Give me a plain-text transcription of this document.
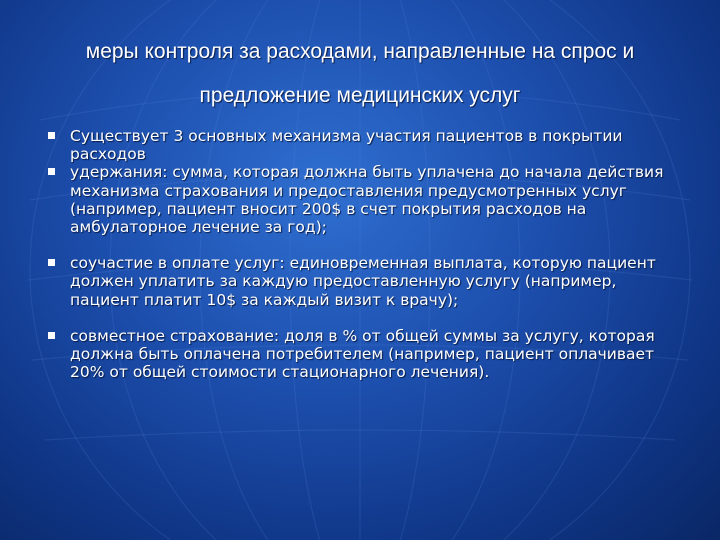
меры контроля за расходами, направленные на спрос и
предложение медицинских услуг
Существует 3 основных механизма участия пациентов в покрытии расходов
удержания: сумма, которая должна быть уплачена до начала действия механизма страхования и предоставления предусмотренных услуг (например, пациент вносит 200$ в счет покрытия расходов на амбулаторное лечение за год);
соучастие в оплате услуг: единовременная выплата, которую пациент должен уплатить за каждую предоставленную услугу (например, пациент платит 10$ за каждый визит к врачу);
совместное страхование: доля в % от общей суммы за услугу, которая должна быть оплачена потребителем (например, пациент оплачивает 20% от общей стоимости стационарного лечения).
